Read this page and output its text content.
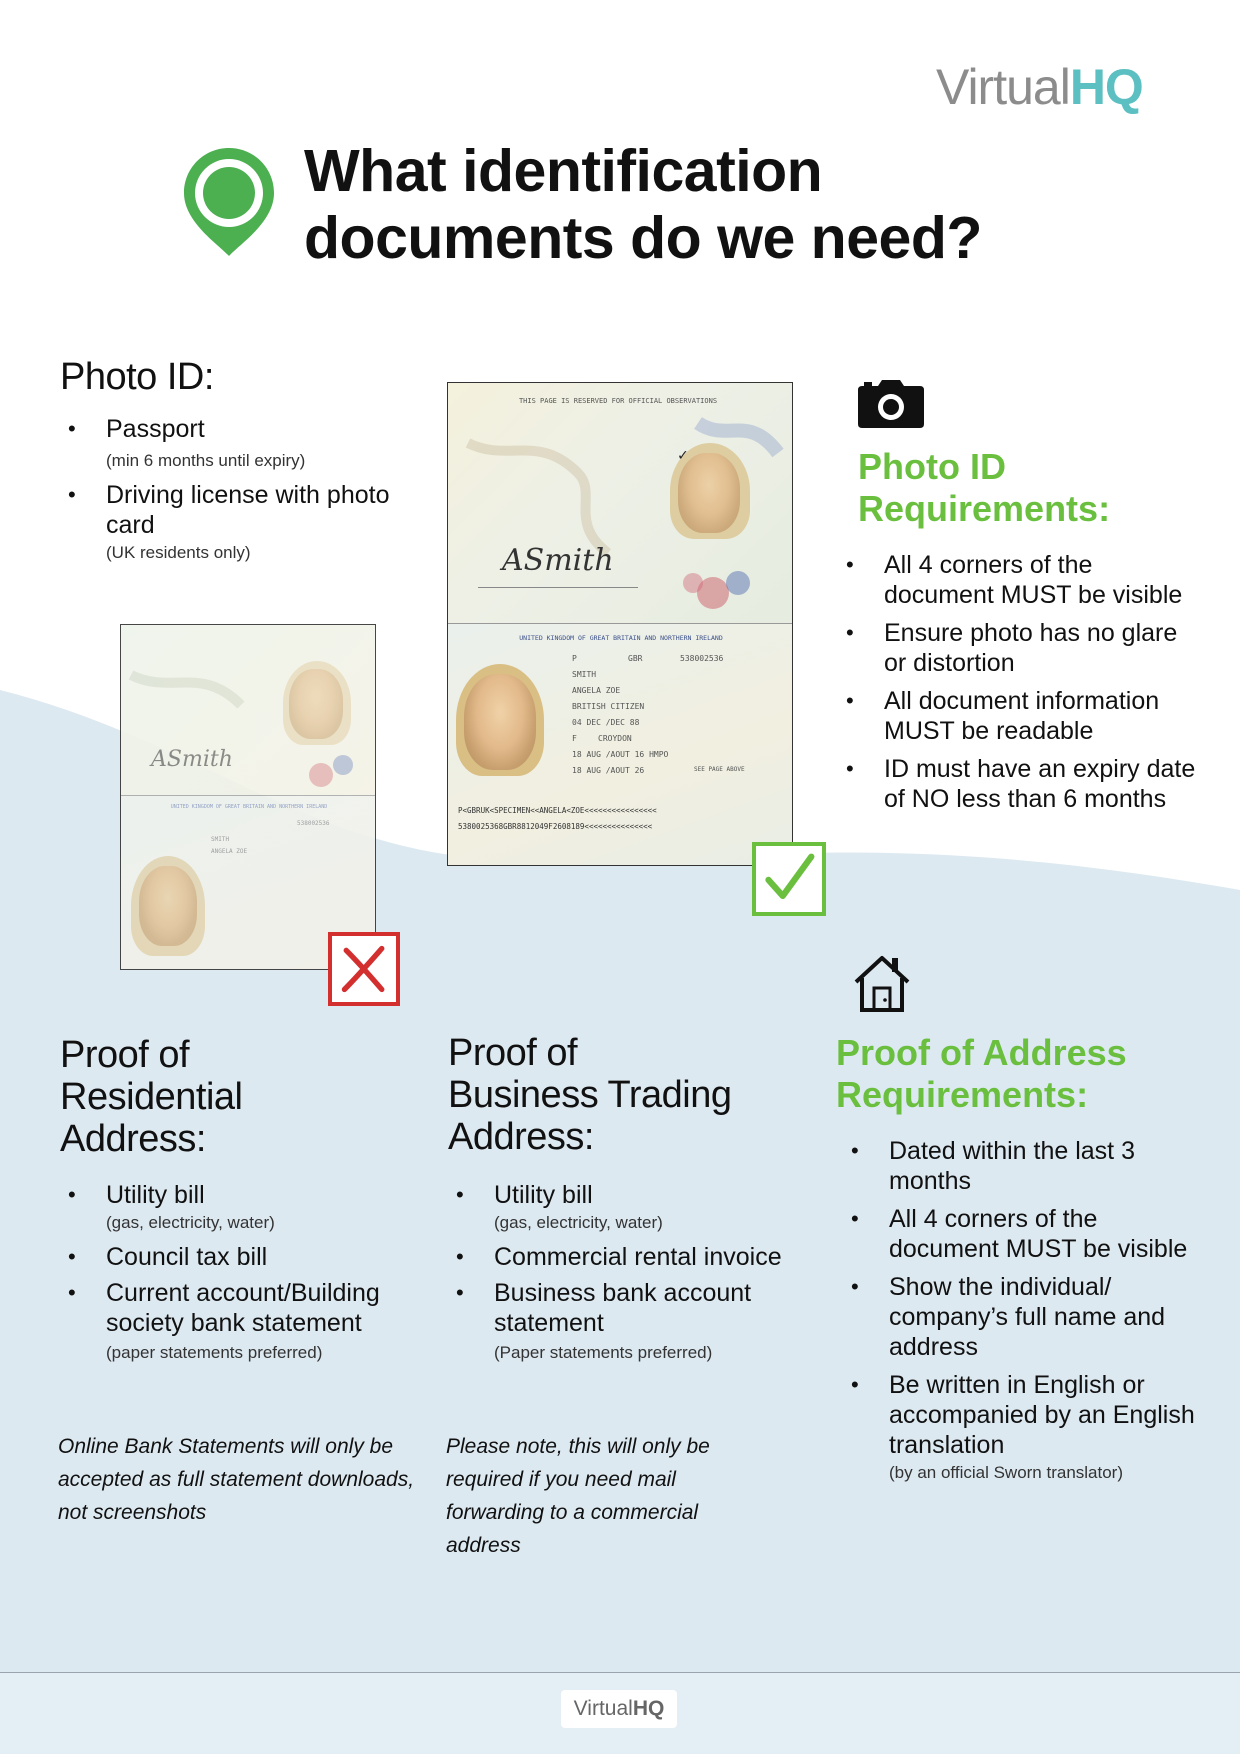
VirtualHQ
What identification
documents do we need?
Photo ID:
• Passport
(min 6 months until expiry)
• Driving license with photo card
(UK residents only)
THIS PAGE IS RESERVED FOR OFFICIAL OBSERVATIONS
✓
ASmith
UNITED KINGDOM OF GREAT BRITAIN AND NORTHERN IRELAND
P	GBR	538002536
SMITH
ANGELA ZOE
BRITISH CITIZEN
04 DEC /DEC 88
F	CROYDON
18 AUG /AOUT 16 HMPO
18 AUG /AOUT 26	SEE PAGE ABOVE
P<GBRUK<SPECIMEN<<ANGELA<ZOE<<<<<<<<<<<<<<<<
5380025368GBR8812049F2608189<<<<<<<<<<<<<<<
ASmith
UNITED KINGDOM OF GREAT BRITAIN AND NORTHERN IRELAND
538002536
SMITH
ANGELA ZOE
Photo ID
Requirements:
• All 4 corners of the document MUST be visible
• Ensure photo has no glare or distortion
• All document information MUST be readable
• ID must have an expiry date of NO less than 6 months
Proof of Address
Requirements:
• Dated within the last 3 months
• All 4 corners of the document MUST be visible
• Show the individual/ company’s full name and address
• Be written in English or accompanied by an English translation
(by an official Sworn translator)
Proof of
Residential
Address:
• Utility bill
(gas, electricity, water)
• Council tax bill
• Current account/Building society bank statement
(paper statements preferred)
Online Bank Statements will only be accepted as full statement downloads, not screenshots
Proof of
Business Trading
Address:
• Utility bill
(gas, electricity, water)
• Commercial rental invoice
• Business bank account statement
(Paper statements preferred)
Please note, this will only be required if you need mail forwarding to a commercial address
VirtualHQ
